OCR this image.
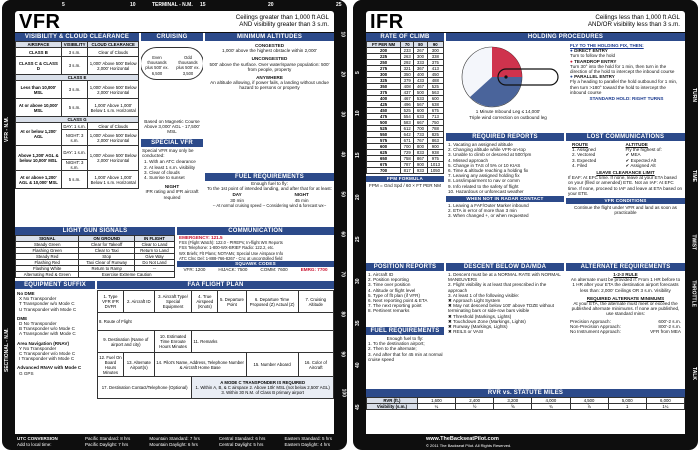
TERMINAL - N.M.
5	10	15	20	25
VFR - N.M.
SECTIONAL - N.M.
10
20
30
40
50
60
70
80
90
100
VFR	Ceilings greater than 1,000 ft AGL
AND visibility greater than 3 s.m.
VISIBILITY & CLOUD CLEARANCE
AIRSPACE	VISIBILITY	CLOUD CLEARANCE
CLASS B	3 s.m.	Clear of Clouds
CLASS C & CLASS D	3 s.m.	1,000' Above 500' Below 2,000' Horizontal
CLASS E		
Less than 10,000' MSL	3 s.m.	1,000' Above 500' Below 2,000' Horizontal
At or above 10,000' MSL	5 s.m.	1,000' Above 1,000' Below 1 s.m. Horizontal
CLASS G		
At or below 1,200' AGL	DAY: 1 s.m.	Clear of Clouds
	NIGHT: 3 s.m.	1,000' Above 500' Below 2,000' Horizontal
Above 1,200' AGL & below 10,000' MSL	DAY: 1 s.m.	1,000' Above 500' Below 2,000' Horizontal
	NIGHT: 3 s.m.	
At or above 1,200' AGL & 10,000' MSL	5 s.m.	1,000' Above 1,000' Below 1 s.m. Horizontal
CRUISING ALTITUDES
Even thousands plus 500' ex. 6,500
Odd thousands plus 500' ex. 3,500
Based on Magnetic Course Above 3,000' AGL - 17,500' MSL
MINIMUM ALTITUDES
CONGESTED
1,000' above the highest obstacle within 2,000'
UNCONGESTED
500' above the surface. Over water/sparse population: 500' from people, property
ANYWHERE
An altitude allowing, if power fails, a landing without undue hazard to persons or property
SPECIAL VFR
Special VFR may only be conducted:
1. With an ATC clearance
2. At least 1 s.m. visibility
3. Clear of clouds
4. Sunrise to sunset
NIGHT
IFR rating and IFR aircraft required
FUEL REQUIREMENTS
Enough fuel to fly:
To the 1st point of intended landing, and after that for at least:
DAY
30 min
NIGHT
45 min
-- At normal cruising speed -- Considering wind & forecast wx--
LIGHT GUN SIGNALS
SIGNAL	ON GROUND	IN FLIGHT
Steady Green	Clear for Takeoff	Clear to Land
Flashing Green	Clear to Taxi	Return to Land
Steady Red	Stop	Give Way
Flashing Red	Taxi Clear of Runway	Do Not Land
Flashing White	Return to Ramp	--
Alternating Red & Green	Exercise Extreme Caution	
COMMUNICATION
EMERGENCY: 121.5
FSS (Flight Watch): 122.0 - PIREPs; In-flight WX Reports
FSS Telephone: 1-800-WX-BRIEF Radio: 122.2, etc.
WX Briefs; Flt Plans; NOTAMs; Special Use Airspace Info
ATC Clnc Del: 1-888-766-8267 - Cnc at uncontrolled field
SQUAWK CODES
VFR: 1200	HIJACK: 7500	COMM: 7600	EMRG: 7700
EQUIPMENT SUFFIX
No DME
X No Transponder
T Transponder w/o Mode C
U Transponder with Mode C
DME
D No Transponder
B Transponder w/o Mode C
A Transponder with Mode C
Area Navigation (RNAV)
Y No Transponder
C Transponder w/o Mode C
I Transponder with Mode C
Advanced RNAV with Mode C
G GPS
FAA FLIGHT PLAN
1. Type VFR IFR DVFR	2. Aircraft ID	3. Aircraft Type/ Special Equipment	4. True Airspeed (Knots)	5. Departure Point	6. Departure Time Proposed (Z) Actual (Z)	7. Cruising Altitude
8. Route of Flight						
9. Destination (Name of airport and city)		10. Estimated Time Enroute Hours Minutes	11. Remarks			
12. Fuel On Board Hours Minutes	13. Alternate Airport(s)	14. Pilot's Name, Address, Telephone Number & Aircraft Home Base			15. Number Aboard	16. Color of Aircraft
17. Destination Contact/Telephone (Optional)			A MODE C TRANSPONDER IS REQUIRED
1. Within A, B, & C airspace 2. Above 10k' MSL (not below 2,500' AGL) 3. Within 30 N.M. of Class B primary airport			
UTC CONVERSION
Add to local time:
Pacific Standard: 8 hrs
Pacific Daylight: 7 hrs
Mountain Standard: 7 hrs
Mountain Daylight: 6 hrs
Central Standard: 6 hrs
Central Daylight: 5 hrs
Eastern Standard: 5 hrs
Eastern Daylight: 4 hrs
5
10
15
20
25
30
35
40
45
TURN
TIME
TWIST
THROTTLE
TALK
IFR	Ceilings less than 1,000 ft AGL
AND/OR visibility less than 3 s.m.
RATE OF CLIMB
FT PER NM	70	80	90
200	233	267	300
225	263	300	338
250	292	333	375
275	321	367	413
300	350	400	450
325	379	433	488
350	408	467	525
375	437	500	563
400	467	533	600
425	496	567	638
450	525	600	675
475	554	633	713
500	583	667	750
525	612	700	788
550	642	733	825
575	671	767	863
600	700	800	900
625	729	833	938
650	758	867	975
675	787	900	1013
700	817	933	1050
FPM FORMULA
FPM = Gnd Spd / 60 × FT PER NM
HOLDING PROCEDURES
1 Minute Inbound Leg ≤ 14,000'
Triple wind correction on outbound leg
FLY TO THE HOLDING FIX, THEN:
● DIRECT ENTRY
Turn to follow the hold
● TEARDROP ENTRY
Turn 30° into the hold for 1 min, then turn in the direction of the hold to intercept the inbound course
● PARALLEL ENTRY
Fly a heading to parallel the hold outbound for 1 min, then turn >180° toward the hold to intercept the inbound course
STANDARD HOLD: RIGHT TURNS
REQUIRED REPORTS
1. Vacating an assigned altitude
2. Changing altitude while VFR-on-top
3. Unable to climb or descend at 500'/pm
4. Missed approach
5. Change in TAS of 5% or 10 KIAS
6. Time & altitude reaching a holding fix
7. Leaving any assigned holding fix
8. Loss/impairment to nav or comm
9. Info related to the safety of flight
10. Hazardous or unforecast weather
WHEN NOT IN RADAR CONTACT
1. Leaving a FAF/Outer Marker inbound
2. ETA in error of more than 3 min
3. When changed +, or when requested
LOST COMMUNICATIONS
ROUTE
1. Assigned
2. Vectored
3. Expected
4. Filed
ALTITUDE
Fly the highest of:
✔ MEA
✔ Expected Alt
✔ Assigned Alt
LEAVE CLEARANCE LIMIT
If EAF: At EFC time. If none, leave at your ETA based on your (filed or amended) ETE. Not an IAF: At EFC time. If none, proceed to IAF and leave at ETA based on your ETE.
VFR CONDITIONS
Continue the flight under VFR and land as soon as practicable
POSITION REPORTS
1. Aircraft ID
2. Position reporting
3. Time over position
4. Altitude or flight level
5. Type of flt plan (if VFR)
6. Next reporting point & ETA
7. The next reporting point
8. Pertinent remarks
FUEL REQUIREMENTS
Enough fuel to fly:
1. To the destination airport;
2. Then to the alternate;
3. And after that for 45 min at normal cruise speed
DESCENT BELOW DA/MDA
1. Descent must be at a NORMAL RATE with NORMAL MANEUVERS
2. Flight visibility is at least that prescribed in the approach
3. At least 1 of the following visible:
✖ Approach Light System
✖ May not descend below 100' above TDZE without terminating bars or side-row bars visible
✖ Threshold (Markings, Lights)
✖ Touchdown Zone (Markings, Lights)
✖ Runway (Markings, Lights)
✖ REILS or VASI
ALTERNATE REQUIREMENTS
1-2-3 RULE
An alternate must be provided if: From 1 HR before to 1 HR after your ETA the destination airport forecasts less than: 2,000' Ceilings OR 3 s.m. Visibility
REQUIRED ALTERNATE MINIMUMS
At your ETA, the alternate must meet or exceed the published alternate minimums. If none are published, use standard mins:
Precision Approach:	600'-2 s.m.
Non-Precision Approach:	800'-2 s.m.
No Instrument Approach:	VFR from MEA
RVR vs. STATUTE MILES
RVR (ft.)	1,600	2,400	3,200	4,000	4,500	5,000	6,000
Visibility (s.m.)	¼	½	⅝	¾	⅞	1	1¼
www.TheBackseatPilot.com
© 2011 The Backseat Pilot. All Rights Reserved.
